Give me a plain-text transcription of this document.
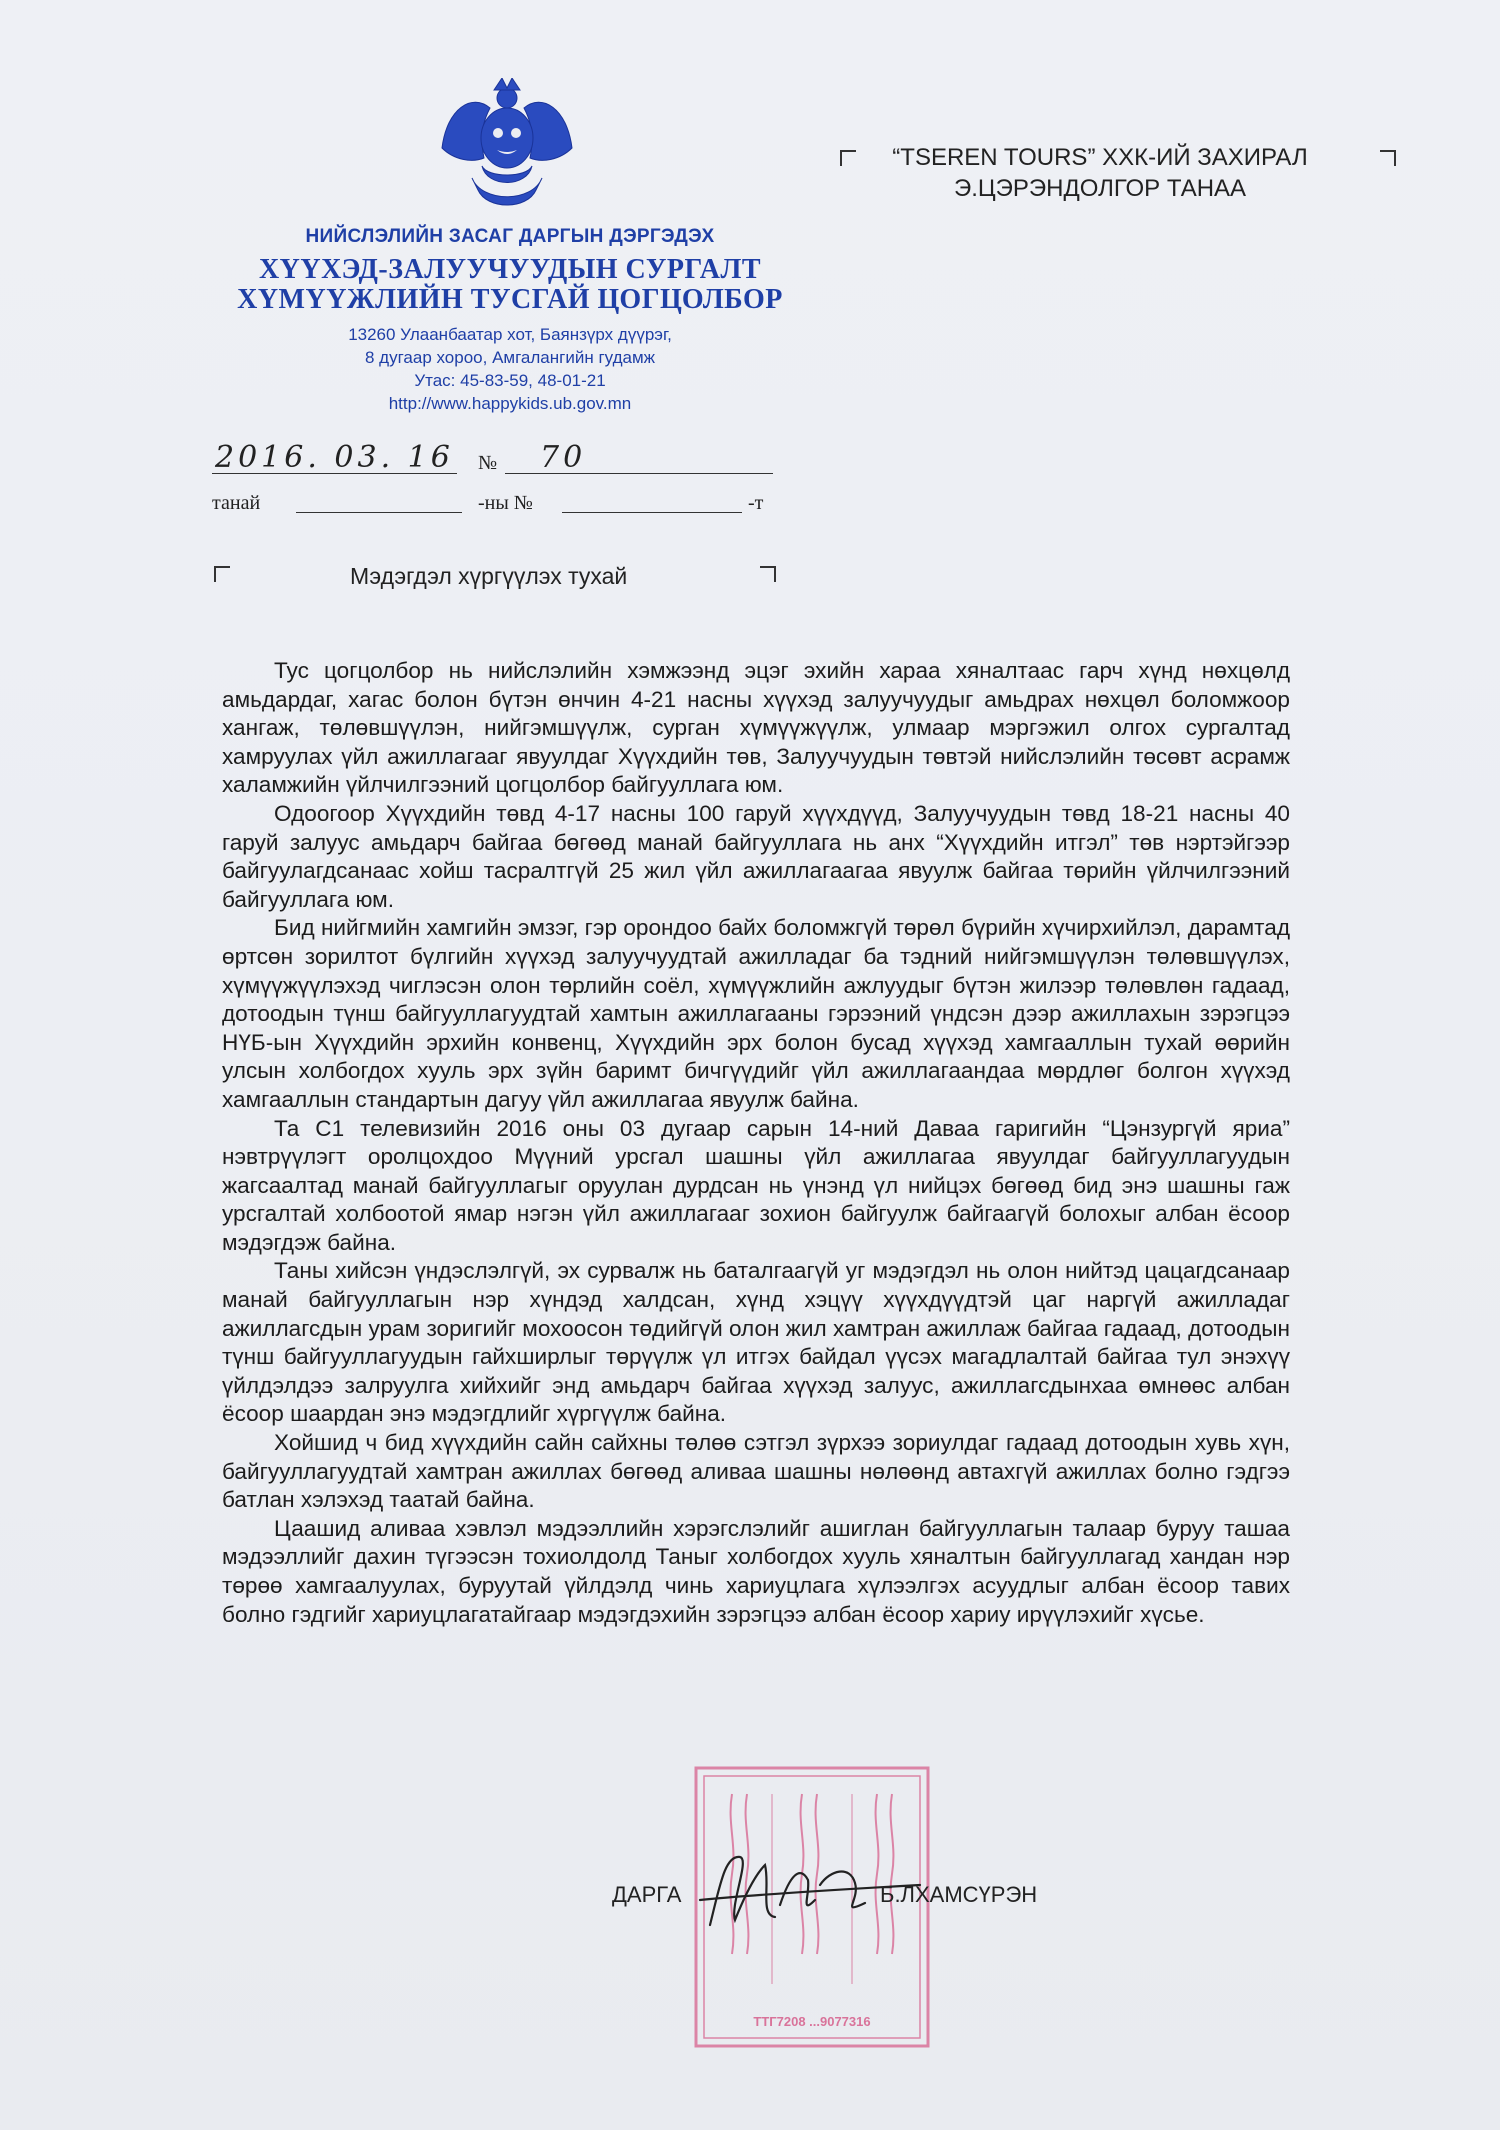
НИЙСЛЭЛИЙН ЗАСАГ ДАРГЫН ДЭРГЭДЭХ
ХҮҮХЭД-ЗАЛУУЧУУДЫН СУРГАЛТ
ХҮМҮҮЖЛИЙН ТУСГАЙ ЦОГЦОЛБОР
13260 Улаанбаатар хот, Баянзүрх дүүрэг,
8 дугаар хороо, Амгалангийн гудамж
Утас: 45-83-59, 48-01-21
http://www.happykids.ub.gov.mn
“TSEREN TOURS” ХХК-ИЙ ЗАХИРАЛ
Э.ЦЭРЭНДОЛГОР ТАНАА
2016. 03. 16 № 70
танай	-ны №	-т
Мэдэгдэл хүргүүлэх тухай

Тус цогцолбор нь нийслэлийн хэмжээнд эцэг эхийн хараа хяналтаас гарч хүнд нөхцөлд амьдардаг, хагас болон бүтэн өнчин 4-21 насны хүүхэд залуучуудыг амьдрах нөхцөл боломжоор хангаж, төлөвшүүлэн, нийгэмшүүлж, сурган хүмүүжүүлж, улмаар мэргэжил олгох сургалтад хамруулах үйл ажиллагааг явуулдаг Хүүхдийн төв, Залуучуудын төвтэй нийслэлийн төсөвт асрамж халамжийн үйлчилгээний цогцолбор байгууллага юм.

Одоогоор Хүүхдийн төвд 4-17 насны 100 гаруй хүүхдүүд, Залуучуудын төвд 18-21 насны 40 гаруй залуус амьдарч байгаа бөгөөд манай байгууллага нь анх “Хүүхдийн итгэл” төв нэртэйгээр байгуулагдсанаас хойш тасралтгүй 25 жил үйл ажиллагаагаа явуулж байгаа төрийн үйлчилгээний байгууллага юм.

Бид нийгмийн хамгийн эмзэг, гэр орондоо байх боломжгүй төрөл бүрийн хүчирхийлэл, дарамтад өртсөн зорилтот бүлгийн хүүхэд залуучуудтай ажилладаг ба тэдний нийгэмшүүлэн төлөвшүүлэх, хүмүүжүүлэхэд чиглэсэн олон төрлийн соёл, хүмүүжлийн ажлуудыг бүтэн жилээр төлөвлөн гадаад, дотоодын түнш байгууллагуудтай хамтын ажиллагааны гэрээний үндсэн дээр ажиллахын зэрэгцээ НҮБ-ын Хүүхдийн эрхийн конвенц, Хүүхдийн эрх болон бусад хүүхэд хамгааллын тухай өөрийн улсын холбогдох хууль эрх зүйн баримт бичгүүдийг үйл ажиллагаандаа мөрдлөг болгон хүүхэд хамгааллын стандартын дагуу үйл ажиллагаа явуулж байна.

Та С1 телевизийн 2016 оны 03 дугаар сарын 14-ний Даваа гаригийн “Цэнзургүй яриа” нэвтрүүлэгт оролцохдоо Мүүний урсгал шашны үйл ажиллагаа явуулдаг байгууллагуудын жагсаалтад манай байгууллагыг оруулан дурдсан нь үнэнд үл нийцэх бөгөөд бид энэ шашны гаж урсгалтай холбоотой ямар нэгэн үйл ажиллагааг зохион байгуулж байгаагүй болохыг албан ёсоор мэдэгдэж байна.

Таны хийсэн үндэслэлгүй, эх сурвалж нь баталгаагүй уг мэдэгдэл нь олон нийтэд цацагдсанаар манай байгууллагын нэр хүндэд халдсан, хүнд хэцүү хүүхдүүдтэй цаг наргүй ажилладаг ажиллагсдын урам зоригийг мохоосон төдийгүй олон жил хамтран ажиллаж байгаа гадаад, дотоодын түнш байгууллагуудын гайхширлыг төрүүлж үл итгэх байдал үүсэх магадлалтай байгаа тул энэхүү үйлдэлдээ залруулга хийхийг энд амьдарч байгаа хүүхэд залуус, ажиллагсдынхаа өмнөөс албан ёсоор шаардан энэ мэдэгдлийг хүргүүлж байна.

Хойшид ч бид хүүхдийн сайн сайхны төлөө сэтгэл зүрхээ зориулдаг гадаад дотоодын хувь хүн, байгууллагуудтай хамтран ажиллах бөгөөд аливаа шашны нөлөөнд автахгүй ажиллах болно гэдгээ батлан хэлэхэд таатай байна.

Цаашид аливаа хэвлэл мэдээллийн хэрэгслэлийг ашиглан байгууллагын талаар буруу ташаа мэдээллийг дахин түгээсэн тохиолдолд Таныг холбогдох хууль хяналтын байгууллагад хандан нэр төрөө хамгаалуулах, буруутай үйлдэлд чинь хариуцлага хүлээлгэх асуудлыг албан ёсоор тавих болно гэдгийг хариуцлагатайгаар мэдэгдэхийн зэрэгцээ албан ёсоор хариу ирүүлэхийг хүсье.

ТТГ7208 ...9077316
ДАРГА	Б.ЛХАМСҮРЭН
